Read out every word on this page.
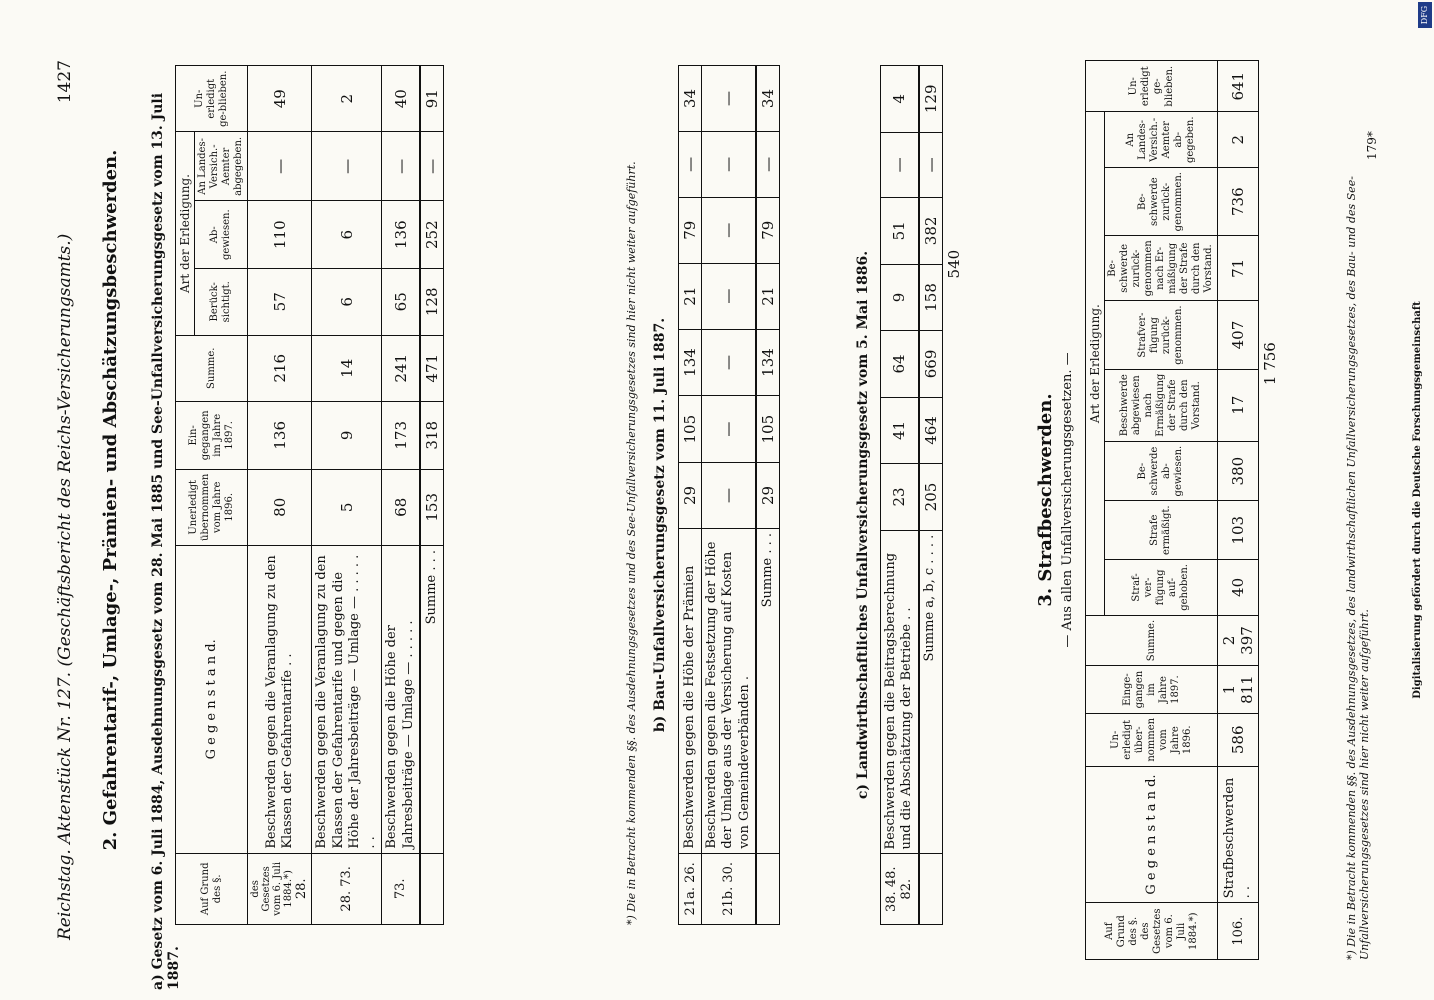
Reichstag. Aktenstück Nr. 127. (Geschäftsbericht des Reichs-Versicherungsamts.)
1427
2. Gefahrentarif-, Umlage-, Prämien- und Abschätzungsbeschwerden. a) Gesetz vom 6. Juli 1884, Ausdehnungsgesetz vom 28. Mai 1885 und See-Unfallversicherungsgesetz vom 13. Juli 1887.
Auf Grund des §.	G e g e n s t a n d.	Unerledigt übernommen vom Jahre 1896.	Ein-gegangen im Jahre 1897.	Summe.	Art der Erledigung.			Un-erledigt ge-blieben.
					Berück-sichtigt.	Ab-gewiesen.	An Landes-Versich.-Aemter abgegeben.	

des Gesetzes vom 6. Juli 1884.*) 28.	Beschwerden gegen die Veranlagung zu den Klassen der Gefahrentarife . .	80	136	216	57	110	—	49
28. 73.	Beschwerden gegen die Veranlagung zu den Klassen der Gefahrentarife und gegen die Höhe der Jahresbeiträge — Umlage — . . . . . . .	5	9	14	6	6	—	2
73.	Beschwerden gegen die Höhe der Jahresbeiträge — Umlage — . . . . .	68	173	241	65	136	—	40
	Summe . . .	153	318	471	128	252	—	91
*) Die in Betracht kommenden §§. des Ausdehnungsgesetzes und des See-Unfallversicherungsgesetzes sind hier nicht weiter aufgeführt. b) Bau-Unfallversicherungsgesetz vom 11. Juli 1887.
21a. 26.	Beschwerden gegen die Höhe der Prämien	29	105	134	21	79	—	34
21b. 30.	Beschwerden gegen die Festsetzung der Höhe der Umlage aus der Versicherung auf Kosten von Gemeindeverbänden .	—	—	—	—	—	—	—
	Summe . . .	29	105	134	21	79	—	34
c) Landwirthschaftliches Unfallversicherungsgesetz vom 5. Mai 1886.
38. 48. 82.	Beschwerden gegen die Beitragsberechnung und die Abschätzung der Betriebe . .	23	41	64	9	51	—	4
	Summe a, b, c . . . .	205	464	669	158	382	—	129
					540			
3. Strafbeschwerden. — Aus allen Unfallversicherungsgesetzen. —
Auf Grund des §. des Gesetzes vom 6. Juli 1884.*)	G e g e n s t a n d.	Un-erledigt über-nommen vom Jahre 1896.	Einge-gangen im Jahre 1897.	Summe.	Art der Erledigung.								Un-erledigt ge-blieben.
					Straf-ver-fügung auf-gehoben.	Strafe ermäßigt.	Be-schwerde ab-gewiesen.	Beschwerde abgewiesen nach Ermäßigung der Strafe durch den Vorstand.	Strafver-fügung zurück-genommen.	Be-schwerde zurück-genommen nach Er-mäßigung der Strafe durch den Vorstand.	Be-schwerde zurück-genommen.	An Landes-Versich.-Aemter ab-gegeben.	
106.	Strafbeschwerden . .	586	1 811	2 397	40	103	380	17	407	71	736	2	641
					1 756									*) Die in Betracht kommenden §§. des Ausdehnungsgesetzes, des landwirthschaftlichen Unfallversicherungsgesetzes, des Bau- und des See-Unfallversicherungsgesetzes sind hier nicht weiter aufgeführt.
179*
Digitalisierung gefördert durch die Deutsche Forschungsgemeinschaft
DFG
